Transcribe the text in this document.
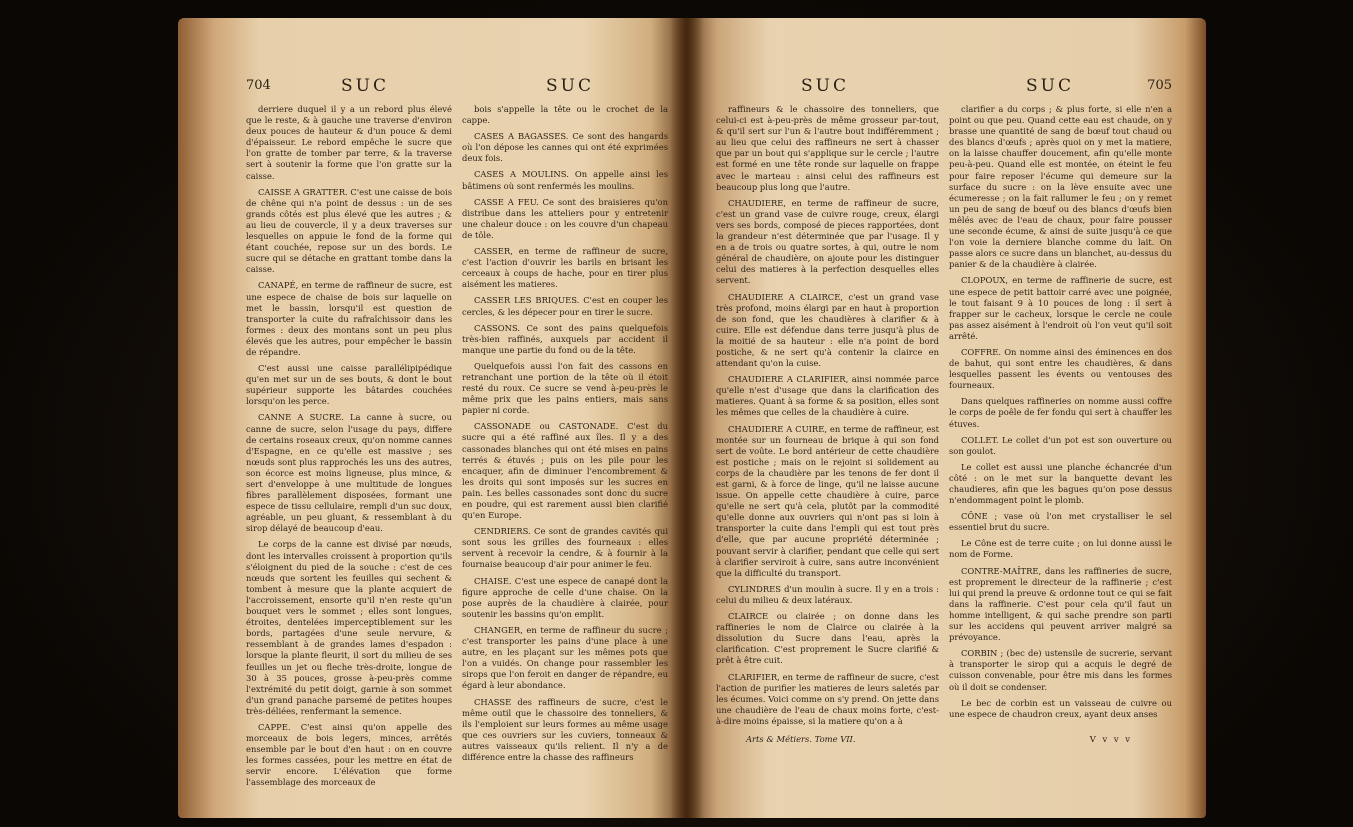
704	SUC	SUC

derriere duquel il y a un rebord plus élevé que le reste, & à gauche une traverse d'environ deux pouces de hauteur & d'un pouce & demi d'épaisseur. Le rebord empêche le sucre que l'on gratte de tomber par terre, & la traverse sert à soutenir la forme que l'on gratte sur la caisse.

CAISSE A GRATTER. C'est une caisse de bois de chêne qui n'a point de dessus : un de ses grands côtés est plus élevé que les autres ; & au lieu de couvercle, il y a deux traverses sur lesquelles on appuie le fond de la forme qui étant couchée, repose sur un des bords. Le sucre qui se détache en grattant tombe dans la caisse.

CANAPÉ, en terme de raffineur de sucre, est une espece de chaise de bois sur laquelle on met le bassin, lorsqu'il est question de transporter la cuite du rafraîchissoir dans les formes : deux des montans sont un peu plus élevés que les autres, pour empêcher le bassin de répandre.

C'est aussi une caisse parallélipipédique qu'en met sur un de ses bouts, & dont le bout supérieur supporte les bâtardes couchées lorsqu'on les perce.

CANNE A SUCRE. La canne à sucre, ou canne de sucre, selon l'usage du pays, differe de certains roseaux creux, qu'on nomme cannes d'Espagne, en ce qu'elle est massive ; ses nœuds sont plus rapprochés les uns des autres, son écorce est moins ligneuse, plus mince, & sert d'enveloppe à une multitude de longues fibres parallèlement disposées, formant une espece de tissu cellulaire, rempli d'un suc doux, agréable, un peu gluant, & ressemblant à du sirop délayé de beaucoup d'eau.

Le corps de la canne est divisé par nœuds, dont les intervalles croissent à proportion qu'ils s'éloignent du pied de la souche : c'est de ces nœuds que sortent les feuilles qui sechent & tombent à mesure que la plante acquiert de l'accroissement, ensorte qu'il n'en reste qu'un bouquet vers le sommet ; elles sont longues, étroites, dentelées imperceptiblement sur les bords, partagées d'une seule nervure, & ressemblant à de grandes lames d'espadon : lorsque la plante fleurit, il sort du milieu de ses feuilles un jet ou fleche très-droite, longue de 30 à 35 pouces, grosse à-peu-près comme l'extrémité du petit doigt, garnie à son sommet d'un grand panache parsemé de petites houpes très-déliées, renfermant la semence.

CAPPE. C'est ainsi qu'on appelle des morceaux de bois legers, minces, arrêtés ensemble par le bout d'en haut : on en couvre les formes cassées, pour les mettre en état de servir encore. L'élévation que forme l'assemblage des morceaux de

bois s'appelle la tête ou le crochet de la cappe.

CASES A BAGASSES. Ce sont des hangards où l'on dépose les cannes qui ont été exprimées deux fois.

CASES A MOULINS. On appelle ainsi les bâtimens où sont renfermés les moulins.

CASSE A FEU. Ce sont des braisieres qu'on distribue dans les atteliers pour y entretenir une chaleur douce : on les couvre d'un chapeau de tôle.

CASSER, en terme de raffineur de sucre, c'est l'action d'ouvrir les barils en brisant les cerceaux à coups de hache, pour en tirer plus aisément les matieres.

CASSER LES BRIQUES. C'est en couper les cercles, & les dépecer pour en tirer le sucre.

CASSONS. Ce sont des pains quelquefois très-bien raffinés, auxquels par accident il manque une partie du fond ou de la tête.

Quelquefois aussi l'on fait des cassons en retranchant une portion de la tête où il étoit resté du roux. Ce sucre se vend à-peu-près le même prix que les pains entiers, mais sans papier ni corde.

CASSONADE ou CASTONADE. C'est du sucre qui a été raffiné aux îles. Il y a des cassonades blanches qui ont été mises en pains terrés & étuvés ; puis on les pile pour les encaquer, afin de diminuer l'encombrement & les droits qui sont imposés sur les sucres en pain. Les belles cassonades sont donc du sucre en poudre, qui est rarement aussi bien clarifié qu'en Europe.

CENDRIERS. Ce sont de grandes cavités qui sont sous les grilles des fourneaux : elles servent à recevoir la cendre, & à fournir à la fournaise beaucoup d'air pour animer le feu.

CHAISE. C'est une espece de canapé dont la figure approche de celle d'une chaise. On la pose auprès de la chaudière à clairée, pour soutenir les bassins qu'on emplit.

CHANGER, en terme de raffineur du sucre ; c'est transporter les pains d'une place à une autre, en les plaçant sur les mêmes pots que l'on a vuidés. On change pour rassembler les sirops que l'on feroit en danger de répandre, eu égard à leur abondance.

CHASSE des raffineurs de sucre, c'est le même outil que le chassoire des tonneliers, & ils l'emploient sur leurs formes au même usage que ces ouvriers sur les cuviers, tonneaux & autres vaisseaux qu'ils relient. Il n'y a de différence entre la chasse des raffineurs

SUC	SUC	705

raffineurs & le chassoire des tonneliers, que celui-ci est à-peu-près de même grosseur par-tout, & qu'il sert sur l'un & l'autre bout indifféremment ; au lieu que celui des raffineurs ne sert à chasser que par un bout qui s'applique sur le cercle ; l'autre est formé en une tête ronde sur laquelle on frappe avec le marteau : ainsi celui des raffineurs est beaucoup plus long que l'autre.

CHAUDIERE, en terme de raffineur de sucre, c'est un grand vase de cuivre rouge, creux, élargi vers ses bords, composé de pieces rapportées, dont la grandeur n'est déterminée que par l'usage. Il y en a de trois ou quatre sortes, à qui, outre le nom général de chaudière, on ajoute pour les distinguer celui des matieres à la perfection desquelles elles servent.

CHAUDIERE A CLAIRCE, c'est un grand vase très profond, moins élargi par en haut à proportion de son fond, que les chaudières à clarifier & à cuire. Elle est défendue dans terre jusqu'à plus de la moitié de sa hauteur : elle n'a point de bord postiche, & ne sert qu'à contenir la clairce en attendant qu'on la cuise.

CHAUDIERE A CLARIFIER, ainsi nommée parce qu'elle n'est d'usage que dans la clarification des matieres. Quant à sa forme & sa position, elles sont les mêmes que celles de la chaudière à cuire.

CHAUDIERE A CUIRE, en terme de raffineur, est montée sur un fourneau de brique à qui son fond sert de voûte. Le bord antérieur de cette chaudière est postiche ; mais on le rejoint si solidement au corps de la chaudière par les tenons de fer dont il est garni, & à force de linge, qu'il ne laisse aucune issue. On appelle cette chaudière à cuire, parce qu'elle ne sert qu'à cela, plutôt par la commodité qu'elle donne aux ouvriers qui n'ont pas si loin à transporter la cuite dans l'empli qui est tout près d'elle, que par aucune propriété déterminée ; pouvant servir à clarifier, pendant que celle qui sert à clarifier serviroit à cuire, sans autre inconvénient que la difficulté du transport.

CYLINDRES d'un moulin à sucre. Il y en a trois : celui du milieu & deux latéraux.

CLAIRCE ou clairée ; on donne dans les raffineries le nom de Clairce ou clairée à la dissolution du Sucre dans l'eau, après la clarification. C'est proprement le Sucre clarifié & prêt à être cuit.

CLARIFIER, en terme de raffineur de sucre, c'est l'action de purifier les matieres de leurs saletés par les écumes. Voici comme on s'y prend. On jette dans une chaudière de l'eau de chaux moins forte, c'est-à-dire moins épaisse, si la matiere qu'on a à

clarifier a du corps ; & plus forte, si elle n'en a point ou que peu. Quand cette eau est chaude, on y brasse une quantité de sang de bœuf tout chaud ou des blancs d'œufs ; après quoi on y met la matiere, on la laisse chauffer doucement, afin qu'elle monte peu-à-peu. Quand elle est montée, on éteint le feu pour faire reposer l'écume qui demeure sur la surface du sucre : on la lève ensuite avec une écumeresse ; on la fait rallumer le feu ; on y remet un peu de sang de bœuf ou des blancs d'œufs bien mêlés avec de l'eau de chaux, pour faire pousser une seconde écume, & ainsi de suite jusqu'à ce que l'on voie la derniere blanche comme du lait. On passe alors ce sucre dans un blanchet, au-dessus du panier & de la chaudière à clairée.

CLOPOUX, en terme de raffinerie de sucre, est une espece de petit battoir carré avec une poignée, le tout faisant 9 à 10 pouces de long : il sert à frapper sur le cacheux, lorsque le cercle ne coule pas assez aisément à l'endroit où l'on veut qu'il soit arrêté.

COFFRE. On nomme ainsi des éminences en dos de bahut, qui sont entre les chaudières, & dans lesquelles passent les évents ou ventouses des fourneaux.

Dans quelques raffineries on nomme aussi coffre le corps de poêle de fer fondu qui sert à chauffer les étuves.

COLLET. Le collet d'un pot est son ouverture ou son goulot.

Le collet est aussi une planche échancrée d'un côté : on le met sur la banquette devant les chaudieres, afin que les bagues qu'on pose dessus n'endommagent point le plomb.

CÔNE ; vase où l'on met crystalliser le sel essentiel brut du sucre.

Le Cône est de terre cuite ; on lui donne aussi le nom de Forme.

CONTRE-MAÎTRE, dans les raffineries de sucre, est proprement le directeur de la raffinerie ; c'est lui qui prend la preuve & ordonne tout ce qui se fait dans la raffinerie. C'est pour cela qu'il faut un homme intelligent, & qui sache prendre son parti sur les accidens qui peuvent arriver malgré sa prévoyance.

CORBIN ; (bec de) ustensile de sucrerie, servant à transporter le sirop qui a acquis le degré de cuisson convenable, pour être mis dans les formes où il doit se condenser.

Le bec de corbin est un vaisseau de cuivre ou une espece de chaudron creux, ayant deux anses

Arts & Métiers. Tome VII.	V v v v
